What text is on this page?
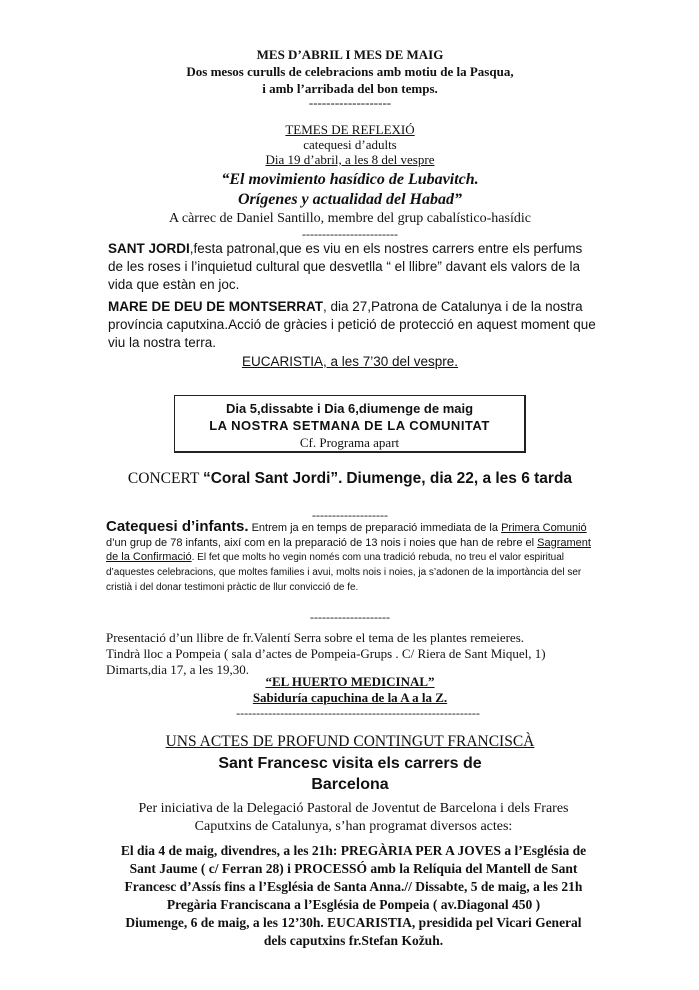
MES D’ABRIL I MES DE MAIG

Dos mesos curulls de celebracions amb motiu de la Pasqua,

i amb l’arribada del bon temps.

-------------------

TEMES DE REFLEXIÓ

catequesi d’adults

Dia 19 d’abril, a les 8 del vespre

“El movimiento hasídico de Lubavitch.

Orígenes y actualidad del Habad”

A càrrec de Daniel Santillo, membre del grup cabalístico-hasídic

------------------------
SANT JORDI,festa patronal,que es viu en els nostres carrers entre els perfums de les roses i l’inquietud cultural que desvetlla “ el llibre” davant els valors de la vida que estàn en joc.
MARE DE DEU DE MONTSERRAT, dia 27,Patrona de Catalunya i de la nostra província caputxina.Acció de gràcies i petició de protecció en aquest moment que viu la nostra terra.
EUCARISTIA, a les 7’30 del vespre.

Dia 5,dissabte i Dia 6,diumenge de maig

LA NOSTRA SETMANA DE LA COMUNITAT

Cf. Programa apart

CONCERT “Coral Sant Jordi”. Diumenge, dia 22, a les 6 tarda
-------------------
Catequesi d’infants. Entrem ja en temps de preparació immediata de la Primera Comunió d’un grup de 78 infants, així com en la preparació de 13 nois i noies que han de rebre el Sagrament de la Confirmació. El fet que molts ho vegin només com una tradició rebuda, no treu el valor espiritual d’aquestes celebracions, que moltes families i avui, molts nois i noies, ja s’adonen de la importància del ser cristià i del donar testimoni pràctic de llur convicció de fe.
--------------------

Presentació d’un llibre de fr.Valentí Serra sobre el tema de les plantes remeieres.

Tindrà lloc a Pompeia ( sala d’actes de Pompeia-Grups . C/ Riera de Sant Miquel, 1)

Dimarts,dia 17, a les 19,30.

“EL HUERTO MEDICINAL”

Sabiduría capuchina de la A a la Z.

-------------------------------------------------------------
UNS ACTES DE PROFUND CONTINGUT FRANCISCÀ

Sant Francesc visita els carrers de

Barcelona

Per iniciativa de la Delegació Pastoral de Joventut de Barcelona i dels Frares

Caputxins de Catalunya, s’han programat diversos actes:

El dia 4 de maig, divendres, a les 21h: PREGÀRIA PER A JOVES a l’Església de

Sant Jaume ( c/ Ferran 28) i PROCESSÓ amb la Relíquia del Mantell de Sant

Francesc d’Assís fins a l’Església de Santa Anna.// Dissabte, 5 de maig, a les 21h

Pregària Franciscana a l’Església de Pompeia ( av.Diagonal 450 )

Diumenge, 6 de maig, a les 12’30h. EUCARISTIA, presidida pel Vicari General

dels caputxins fr.Stefan Kožuh.
